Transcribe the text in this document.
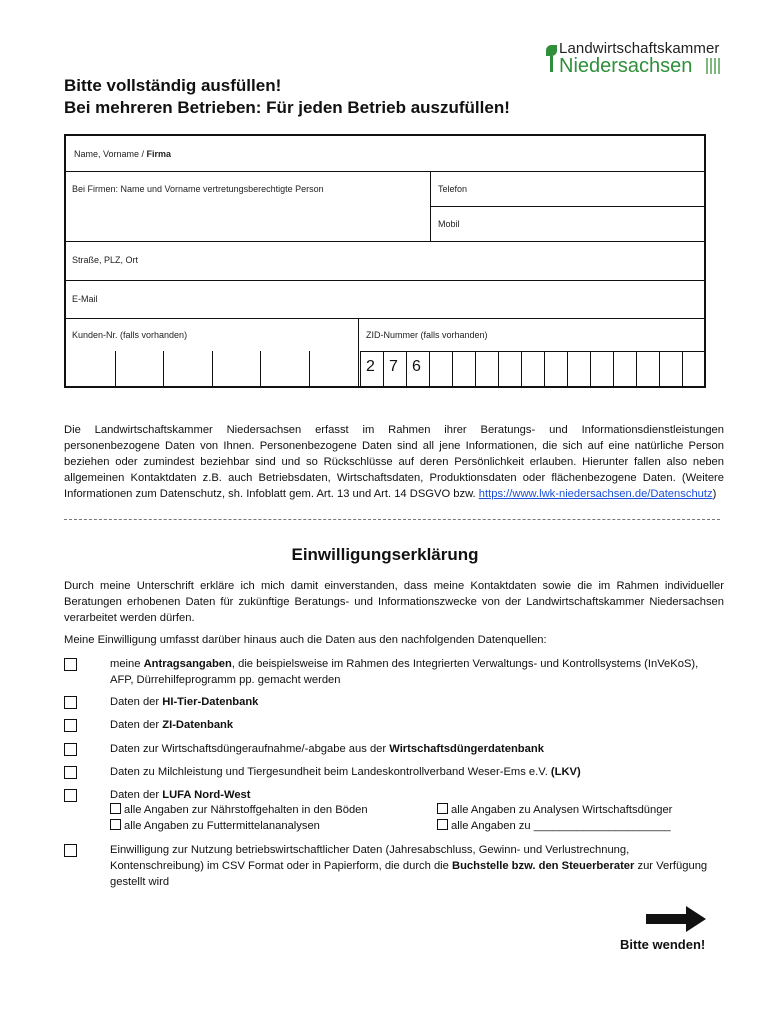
Landwirtschaftskammer
Niedersachsen
Bitte vollständig ausfüllen!
Bei mehreren Betrieben: Für jeden Betrieb auszufüllen!
Name, Vorname / Firma
Bei Firmen: Name und Vorname vertretungsberechtigte Person	Telefon
Mobil
Straße, PLZ, Ort
E-Mail
Kunden-Nr. (falls vorhanden)	ZID-Nummer (falls vorhanden)
2 7 6
Die Landwirtschaftskammer Niedersachsen erfasst im Rahmen ihrer Beratungs- und Informationsdienstleistungen personenbezogene Daten von Ihnen. Personenbezogene Daten sind all jene Informationen, die sich auf eine natürliche Person beziehen oder zumindest beziehbar sind und so Rückschlüsse auf deren Persönlichkeit erlauben. Hierunter fallen also neben allgemeinen Kontaktdaten z.B. auch Betriebsdaten, Wirtschaftsdaten, Produktionsdaten oder flächenbezogene Daten. (Weitere Informationen zum Datenschutz, sh. Infoblatt gem. Art. 13 und Art. 14 DSGVO bzw. https://www.lwk-niedersachsen.de/Datenschutz)
Einwilligungserklärung
Durch meine Unterschrift erkläre ich mich damit einverstanden, dass meine Kontaktdaten sowie die im Rahmen individueller Beratungen erhobenen Daten für zukünftige Beratungs- und Informationszwecke von der Landwirtschaftskammer Niedersachsen verarbeitet werden dürfen.
Meine Einwilligung umfasst darüber hinaus auch die Daten aus den nachfolgenden Datenquellen:
meine Antragsangaben, die beispielsweise im Rahmen des Integrierten Verwaltungs- und Kontrollsystems (InVeKoS), AFP, Dürrehilfeprogramm pp. gemacht werden
Daten der HI-Tier-Datenbank
Daten der ZI-Datenbank
Daten zur Wirtschaftsdüngeraufnahme/-abgabe aus der Wirtschaftsdüngerdatenbank
Daten zu Milchleistung und Tiergesundheit beim Landeskontrollverband Weser-Ems e.V. (LKV)
Daten der LUFA Nord-West
alle Angaben zur Nährstoffgehalten in den Böden	alle Angaben zu Analysen Wirtschaftsdünger
alle Angaben zu Futtermittelananalysen	alle Angaben zu ______________________
Einwilligung zur Nutzung betriebswirtschaftlicher Daten (Jahresabschluss, Gewinn- und Verlustrechnung, Kontenschreibung) im CSV Format oder in Papierform, die durch die Buchstelle bzw. den Steuerberater zur Verfügung gestellt wird
Bitte wenden!
